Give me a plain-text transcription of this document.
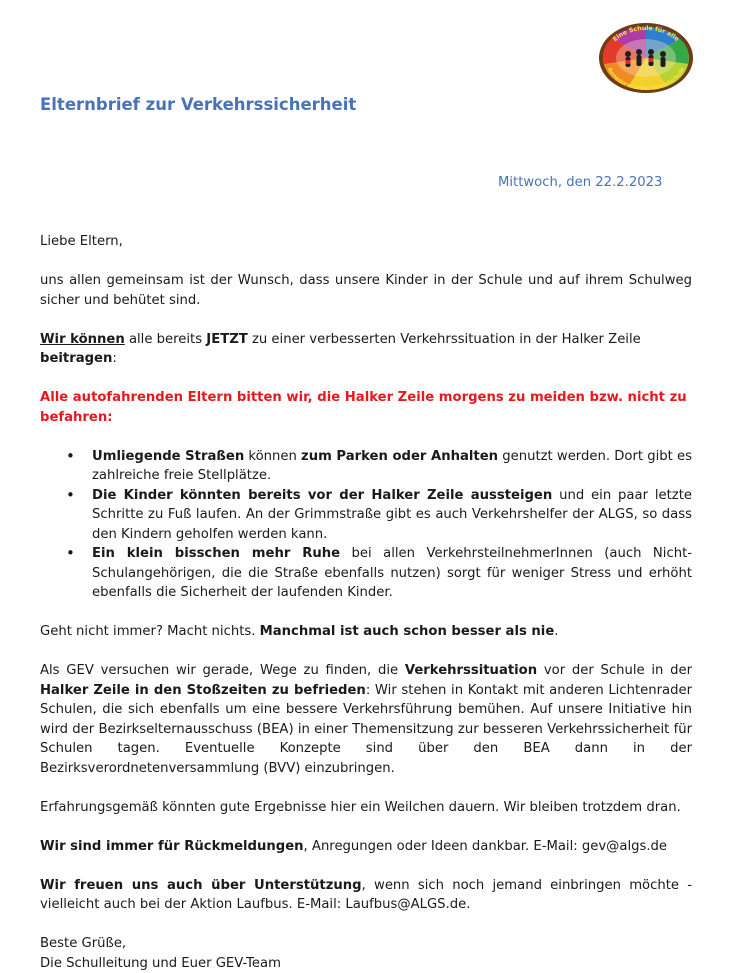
Eine Schule für alle
Annedore-Leber-Grundschule
Elternbrief zur Verkehrssicherheit
Mittwoch, den 22.2.2023

Liebe Eltern,

uns allen gemeinsam ist der Wunsch, dass unsere Kinder in der Schule und auf ihrem Schulweg sicher und behütet sind.

Wir können alle bereits JETZT zu einer verbesserten Verkehrssituation in der Halker Zeile beitragen:

Alle autofahrenden Eltern bitten wir, die Halker Zeile morgens zu meiden bzw. nicht zu befahren:

• Umliegende Straßen können zum Parken oder Anhalten genutzt werden. Dort gibt es zahlreiche freie Stellplätze.
• Die Kinder könnten bereits vor der Halker Zeile aussteigen und ein paar letzte Schritte zu Fuß laufen. An der Grimmstraße gibt es auch Verkehrshelfer der ALGS, so dass den Kindern geholfen werden kann.
• Ein klein bisschen mehr Ruhe bei allen VerkehrsteilnehmerInnen (auch Nicht-Schulangehörigen, die die Straße ebenfalls nutzen) sorgt für weniger Stress und erhöht ebenfalls die Sicherheit der laufenden Kinder.

Geht nicht immer? Macht nichts. Manchmal ist auch schon besser als nie.

Als GEV versuchen wir gerade, Wege zu finden, die Verkehrssituation vor der Schule in der Halker Zeile in den Stoßzeiten zu befrieden: Wir stehen in Kontakt mit anderen Lichtenrader Schulen, die sich ebenfalls um eine bessere Verkehrsführung bemühen. Auf unsere Initiative hin wird der Bezirkselternausschuss (BEA) in einer Themensitzung zur besseren Verkehrssicherheit für Schulen tagen. Eventuelle Konzepte sind über den BEA dann in der Bezirksverordnetenversammlung (BVV) einzubringen.

Erfahrungsgemäß könnten gute Ergebnisse hier ein Weilchen dauern. Wir bleiben trotzdem dran.

Wir sind immer für Rückmeldungen, Anregungen oder Ideen dankbar. E-Mail: gev@algs.de

Wir freuen uns auch über Unterstützung, wenn sich noch jemand einbringen möchte - vielleicht auch bei der Aktion Laufbus. E-Mail: Laufbus@ALGS.de.

Beste Grüße,

Die Schulleitung und Euer GEV-Team
